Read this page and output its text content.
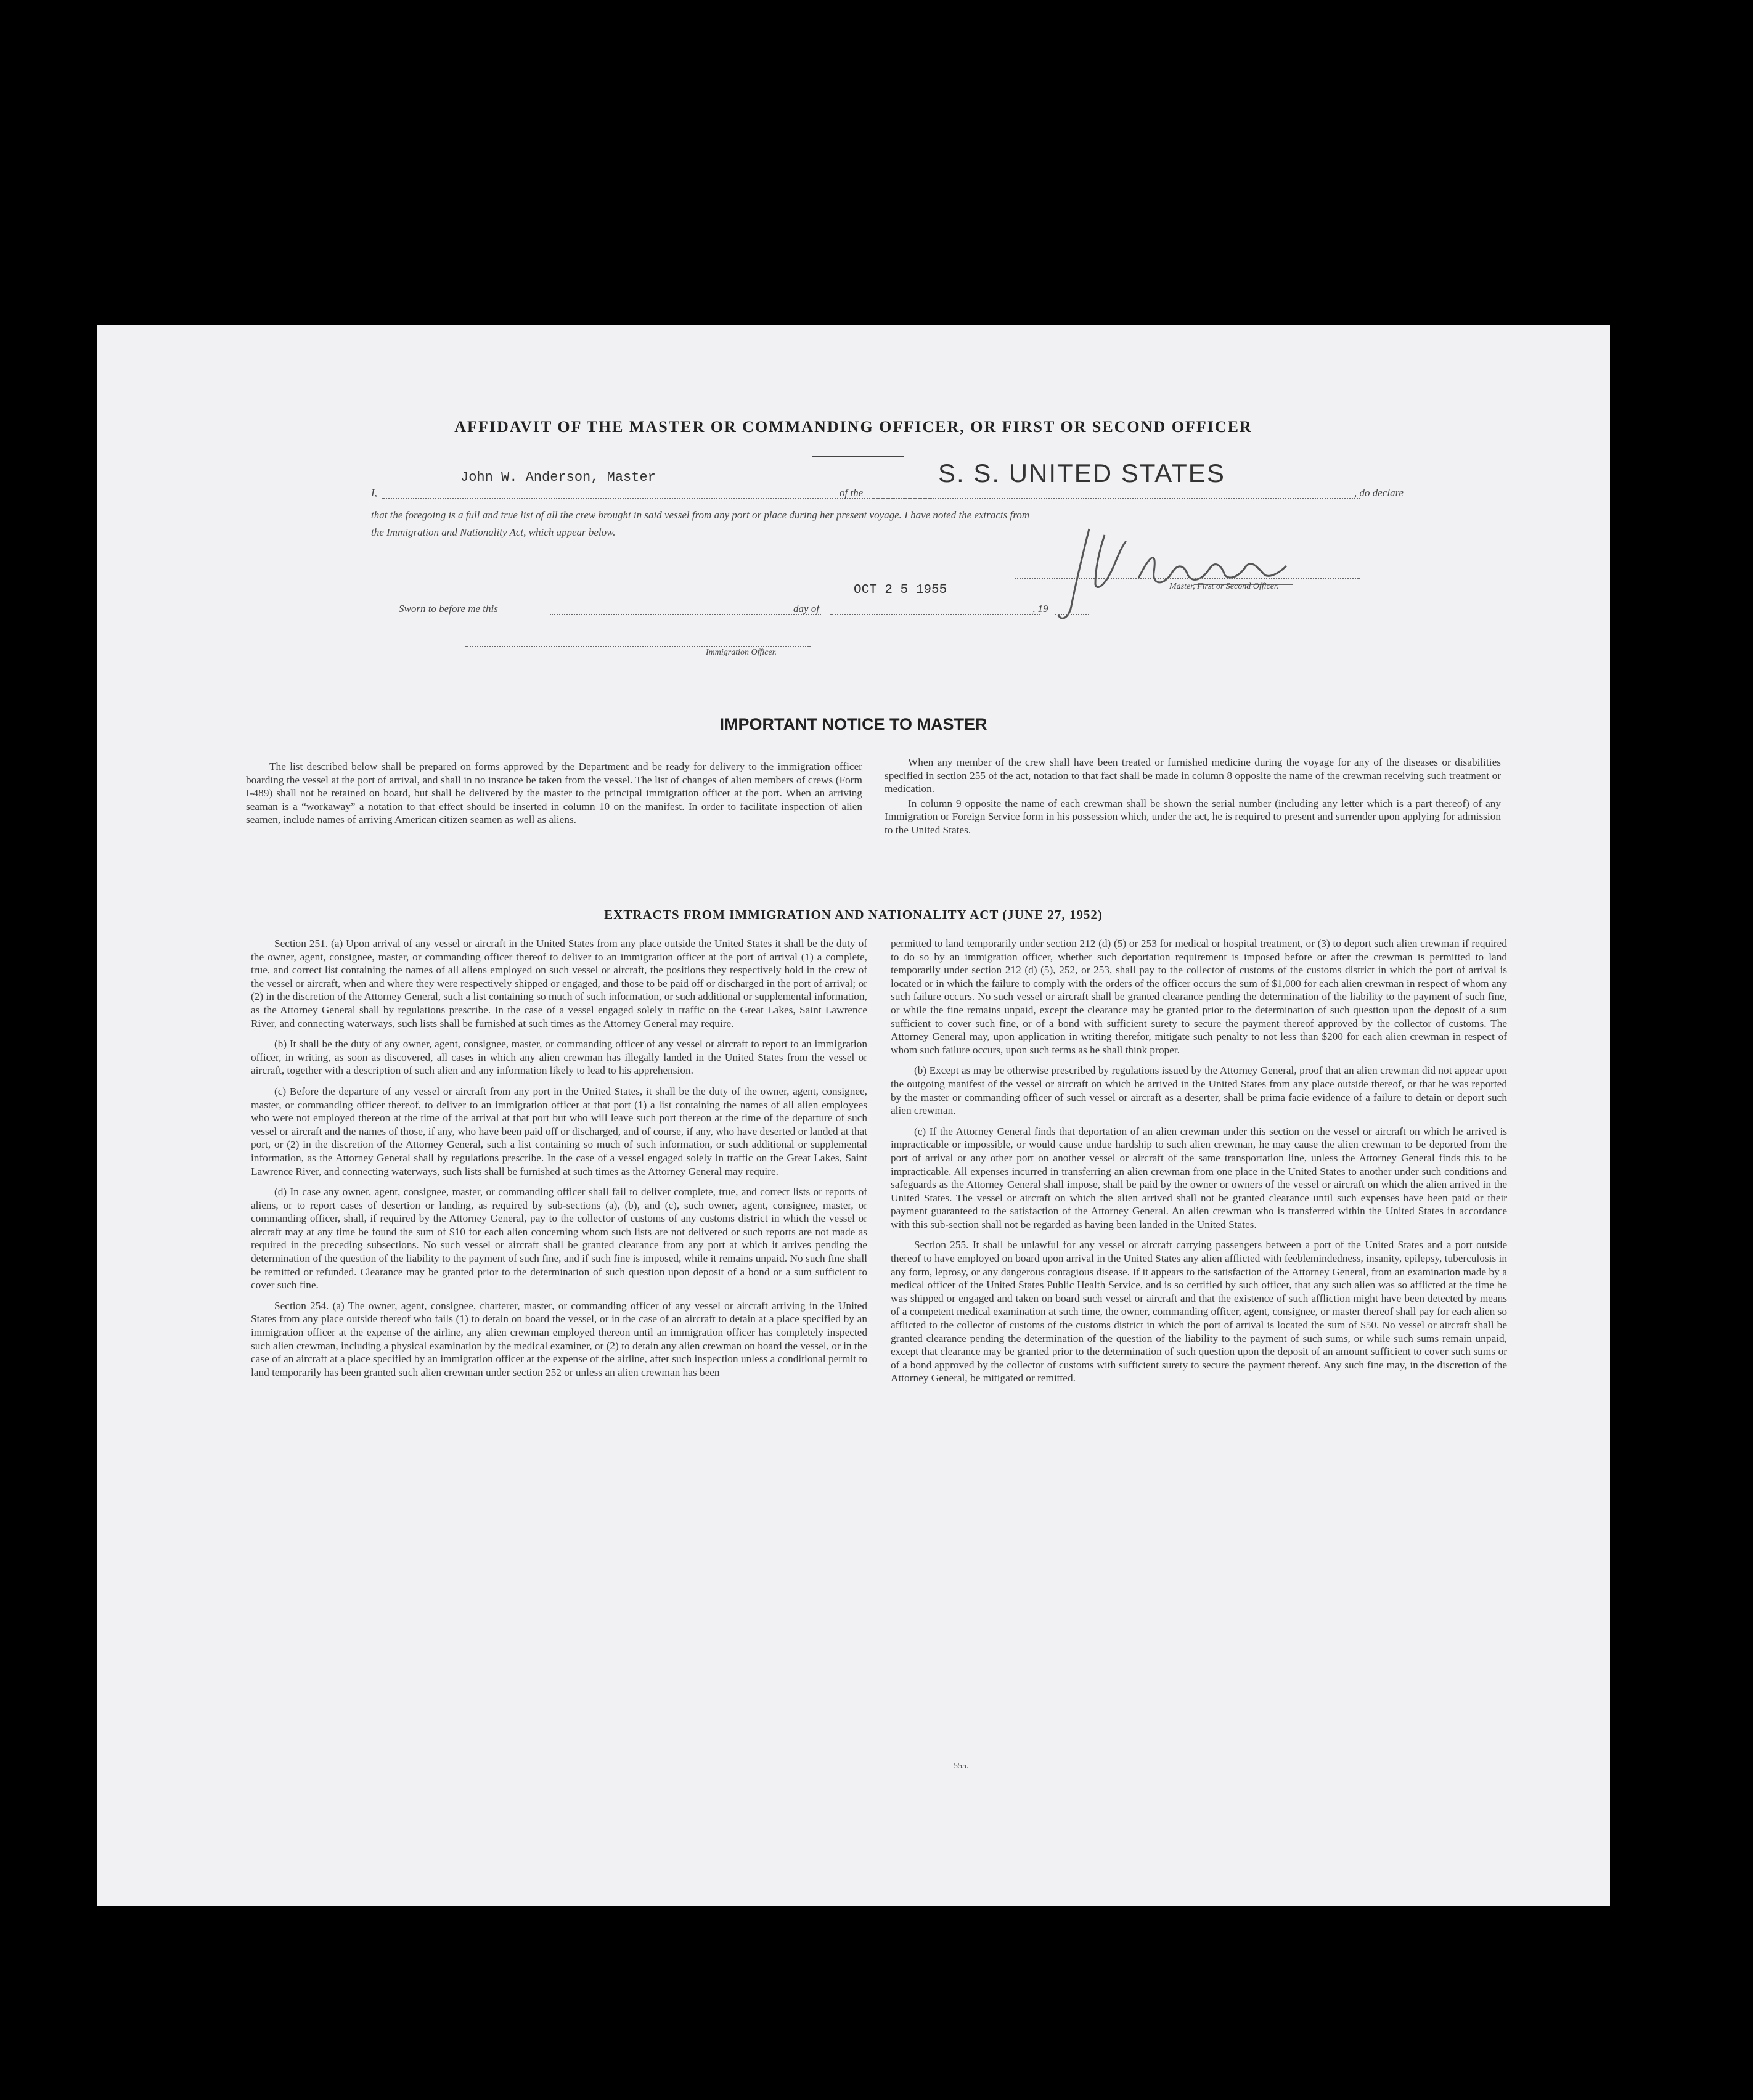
AFFIDAVIT OF THE MASTER OR COMMANDING OFFICER, OR FIRST OR SECOND OFFICER
I,
John W. Anderson, Master
of the
S. S. UNITED STATES
, do declare
that the foregoing is a full and true list of all the crew brought in said vessel from any port or place during her present voyage. I have noted the extracts from
the Immigration and Nationality Act, which appear below.
Master, First or Second Officer.
Sworn to before me this	day of
OCT 2 5 1955
, 19
Immigration Officer.
IMPORTANT NOTICE TO MASTER

The list described below shall be prepared on forms approved by the Department and be ready for delivery to the immigration officer boarding the vessel at the port of arrival, and shall in no instance be taken from the vessel. The list of changes of alien members of crews (Form I-489) shall not be retained on board, but shall be delivered by the master to the principal immigration officer at the port. When an arriving seaman is a “workaway” a notation to that effect should be inserted in column 10 on the manifest. In order to facilitate inspection of alien seamen, include names of arriving American citizen seamen as well as aliens.

When any member of the crew shall have been treated or furnished medicine during the voyage for any of the diseases or disabilities specified in section 255 of the act, notation to that fact shall be made in column 8 opposite the name of the crewman receiving such treatment or medication.

In column 9 opposite the name of each crewman shall be shown the serial number (including any letter which is a part thereof) of any Immigration or Foreign Service form in his possession which, under the act, he is required to present and surrender upon applying for admission to the United States.

EXTRACTS FROM IMMIGRATION AND NATIONALITY ACT (JUNE 27, 1952)

Section 251. (a) Upon arrival of any vessel or aircraft in the United States from any place outside the United States it shall be the duty of the owner, agent, consignee, master, or commanding officer thereof to deliver to an immigration officer at the port of arrival (1) a complete, true, and correct list containing the names of all aliens employed on such vessel or aircraft, the positions they respectively hold in the crew of the vessel or aircraft, when and where they were respectively shipped or engaged, and those to be paid off or discharged in the port of arrival; or (2) in the discretion of the Attorney General, such a list containing so much of such information, or such additional or supplemental information, as the Attorney General shall by regulations prescribe. In the case of a vessel engaged solely in traffic on the Great Lakes, Saint Lawrence River, and connecting waterways, such lists shall be furnished at such times as the Attorney General may require.

(b) It shall be the duty of any owner, agent, consignee, master, or commanding officer of any vessel or aircraft to report to an immigration officer, in writing, as soon as discovered, all cases in which any alien crewman has illegally landed in the United States from the vessel or aircraft, together with a description of such alien and any information likely to lead to his apprehension.

(c) Before the departure of any vessel or aircraft from any port in the United States, it shall be the duty of the owner, agent, consignee, master, or commanding officer thereof, to deliver to an immigration officer at that port (1) a list containing the names of all alien employees who were not employed thereon at the time of the arrival at that port but who will leave such port thereon at the time of the departure of such vessel or aircraft and the names of those, if any, who have been paid off or discharged, and of course, if any, who have deserted or landed at that port, or (2) in the discretion of the Attorney General, such a list containing so much of such information, or such additional or supplemental information, as the Attorney General shall by regulations prescribe. In the case of a vessel engaged solely in traffic on the Great Lakes, Saint Lawrence River, and connecting waterways, such lists shall be furnished at such times as the Attorney General may require.

(d) In case any owner, agent, consignee, master, or commanding officer shall fail to deliver complete, true, and correct lists or reports of aliens, or to report cases of desertion or landing, as required by sub-sections (a), (b), and (c), such owner, agent, consignee, master, or commanding officer, shall, if required by the Attorney General, pay to the collector of customs of any customs district in which the vessel or aircraft may at any time be found the sum of $10 for each alien concerning whom such lists are not delivered or such reports are not made as required in the preceding subsections. No such vessel or aircraft shall be granted clearance from any port at which it arrives pending the determination of the question of the liability to the payment of such fine, and if such fine is imposed, while it remains unpaid. No such fine shall be remitted or refunded. Clearance may be granted prior to the determination of such question upon deposit of a bond or a sum sufficient to cover such fine.

Section 254. (a) The owner, agent, consignee, charterer, master, or commanding officer of any vessel or aircraft arriving in the United States from any place outside thereof who fails (1) to detain on board the vessel, or in the case of an aircraft to detain at a place specified by an immigration officer at the expense of the airline, any alien crewman employed thereon until an immigration officer has completely inspected such alien crewman, including a physical examination by the medical examiner, or (2) to detain any alien crewman on board the vessel, or in the case of an aircraft at a place specified by an immigration officer at the expense of the airline, after such inspection unless a conditional permit to land temporarily has been granted such alien crewman under section 252 or unless an alien crewman has been

permitted to land temporarily under section 212 (d) (5) or 253 for medical or hospital treatment, or (3) to deport such alien crewman if required to do so by an immigration officer, whether such deportation requirement is imposed before or after the crewman is permitted to land temporarily under section 212 (d) (5), 252, or 253, shall pay to the collector of customs of the customs district in which the port of arrival is located or in which the failure to comply with the orders of the officer occurs the sum of $1,000 for each alien crewman in respect of whom any such failure occurs. No such vessel or aircraft shall be granted clearance pending the determination of the liability to the payment of such fine, or while the fine remains unpaid, except the clearance may be granted prior to the determination of such question upon the deposit of a sum sufficient to cover such fine, or of a bond with sufficient surety to secure the payment thereof approved by the collector of customs. The Attorney General may, upon application in writing therefor, mitigate such penalty to not less than $200 for each alien crewman in respect of whom such failure occurs, upon such terms as he shall think proper.

(b) Except as may be otherwise prescribed by regulations issued by the Attorney General, proof that an alien crewman did not appear upon the outgoing manifest of the vessel or aircraft on which he arrived in the United States from any place outside thereof, or that he was reported by the master or commanding officer of such vessel or aircraft as a deserter, shall be prima facie evidence of a failure to detain or deport such alien crewman.

(c) If the Attorney General finds that deportation of an alien crewman under this section on the vessel or aircraft on which he arrived is impracticable or impossible, or would cause undue hardship to such alien crewman, he may cause the alien crewman to be deported from the port of arrival or any other port on another vessel or aircraft of the same transportation line, unless the Attorney General finds this to be impracticable. All expenses incurred in transferring an alien crewman from one place in the United States to another under such conditions and safeguards as the Attorney General shall impose, shall be paid by the owner or owners of the vessel or aircraft on which the alien arrived in the United States. The vessel or aircraft on which the alien arrived shall not be granted clearance until such expenses have been paid or their payment guaranteed to the satisfaction of the Attorney General. An alien crewman who is transferred within the United States in accordance with this sub-section shall not be regarded as having been landed in the United States.

Section 255. It shall be unlawful for any vessel or aircraft carrying passengers between a port of the United States and a port outside thereof to have employed on board upon arrival in the United States any alien afflicted with feeblemindedness, insanity, epilepsy, tuberculosis in any form, leprosy, or any dangerous contagious disease. If it appears to the satisfaction of the Attorney General, from an examination made by a medical officer of the United States Public Health Service, and is so certified by such officer, that any such alien was so afflicted at the time he was shipped or engaged and taken on board such vessel or aircraft and that the existence of such affliction might have been detected by means of a competent medical examination at such time, the owner, commanding officer, agent, consignee, or master thereof shall pay for each alien so afflicted to the collector of customs of the customs district in which the port of arrival is located the sum of $50. No vessel or aircraft shall be granted clearance pending the determination of the question of the liability to the payment of such sums, or while such sums remain unpaid, except that clearance may be granted prior to the determination of such question upon the deposit of an amount sufficient to cover such sums or of a bond approved by the collector of customs with sufficient surety to secure the payment thereof. Any such fine may, in the discretion of the Attorney General, be mitigated or remitted.

555.
